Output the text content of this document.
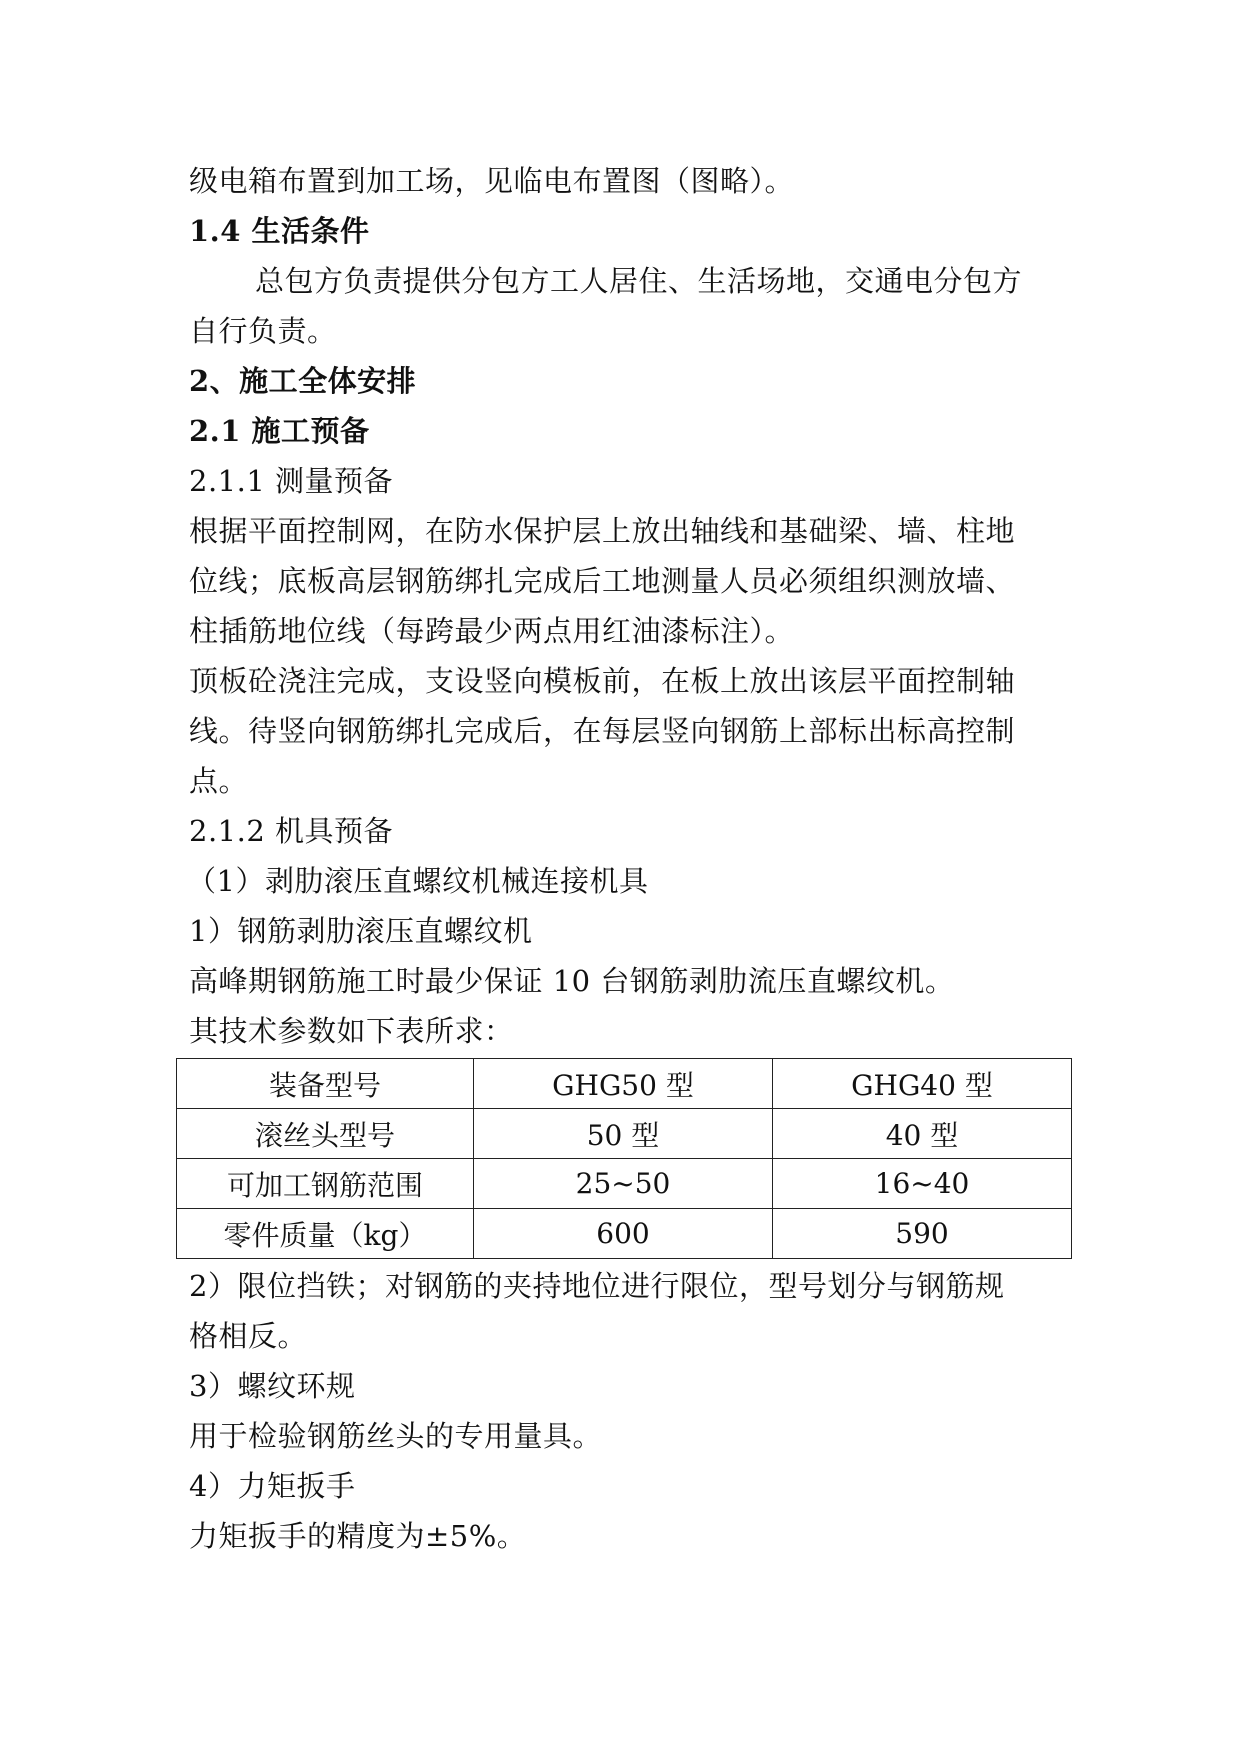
级电箱布置到加工场，见临电布置图（图略）。
1.4 生活条件
总包方负责提供分包方工人居住、生活场地，交通电分包方
自行负责。
2、施工全体安排
2.1 施工预备
2.1.1 测量预备
根据平面控制网，在防水保护层上放出轴线和基础梁、墙、柱地
位线；底板高层钢筋绑扎完成后工地测量人员必须组织测放墙、
柱插筋地位线（每跨最少两点用红油漆标注）。
顶板砼浇注完成，支设竖向模板前，在板上放出该层平面控制轴
线。待竖向钢筋绑扎完成后，在每层竖向钢筋上部标出标高控制
点。
2.1.2 机具预备
（1）剥肋滚压直螺纹机械连接机具
1）钢筋剥肋滚压直螺纹机
高峰期钢筋施工时最少保证 10 台钢筋剥肋流压直螺纹机。
其技术参数如下表所求：
装备型号	GHG50 型	GHG40 型
滚丝头型号	50 型	40 型
可加工钢筋范围	25~50	16~40
零件质量（kg）	600	590
2）限位挡铁；对钢筋的夹持地位进行限位，型号划分与钢筋规
格相反。
3）螺纹环规
用于检验钢筋丝头的专用量具。
4）力矩扳手
力矩扳手的精度为±5%。
